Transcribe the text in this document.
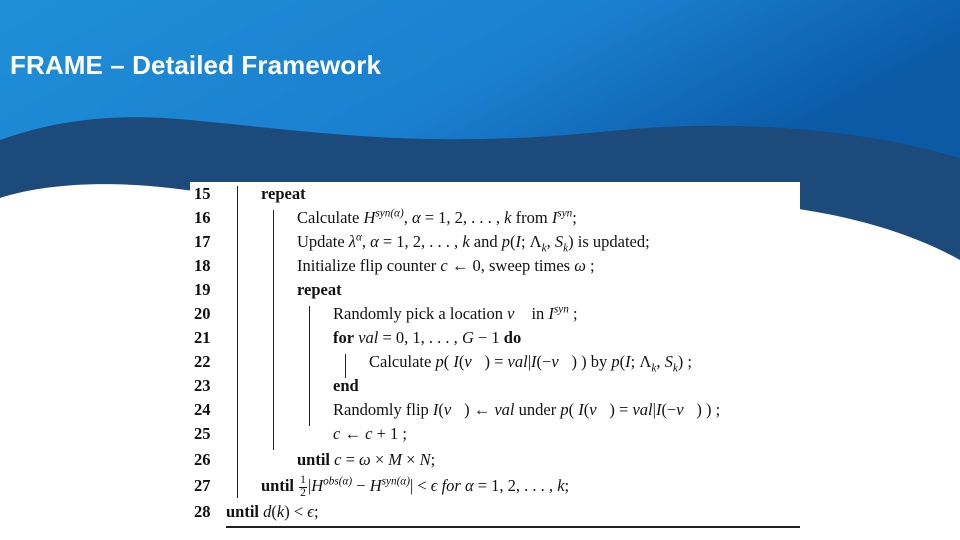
FRAME – Detailed Framework
15	repeat
16	Calculate $H^{syn(\alpha)}$, α = 1, 2, . . . , k from $I^{syn}$;
17	Update $\lambda^\alpha$, α = 1, 2, . . . , k and p(I; $\Lambda_k$, $S_k$) is updated;
18	Initialize flip counter c ← 0, sweep times ω ;
19	repeat
20	Randomly pick a location v⃗ in $I^{syn}$ ;
21	for val = 0, 1, . . . , G − 1 do
22	Calculate p( I(v⃗) = val|I(−v⃗) ) by p(I; $\Lambda_k$, $S_k$) ;
23	end
24	Randomly flip I(v⃗) ← val under p( I(v⃗) = val|I(−v⃗) ) ;
25	c ← c + 1 ;
26	until c = ω × M × N;
27	until $\frac{1}{2} |H^{obs(\alpha)} - H^{syn(\alpha)}| < \epsilon$ for α = 1, 2, . . . , k;
28 until d(k) < ϵ;
